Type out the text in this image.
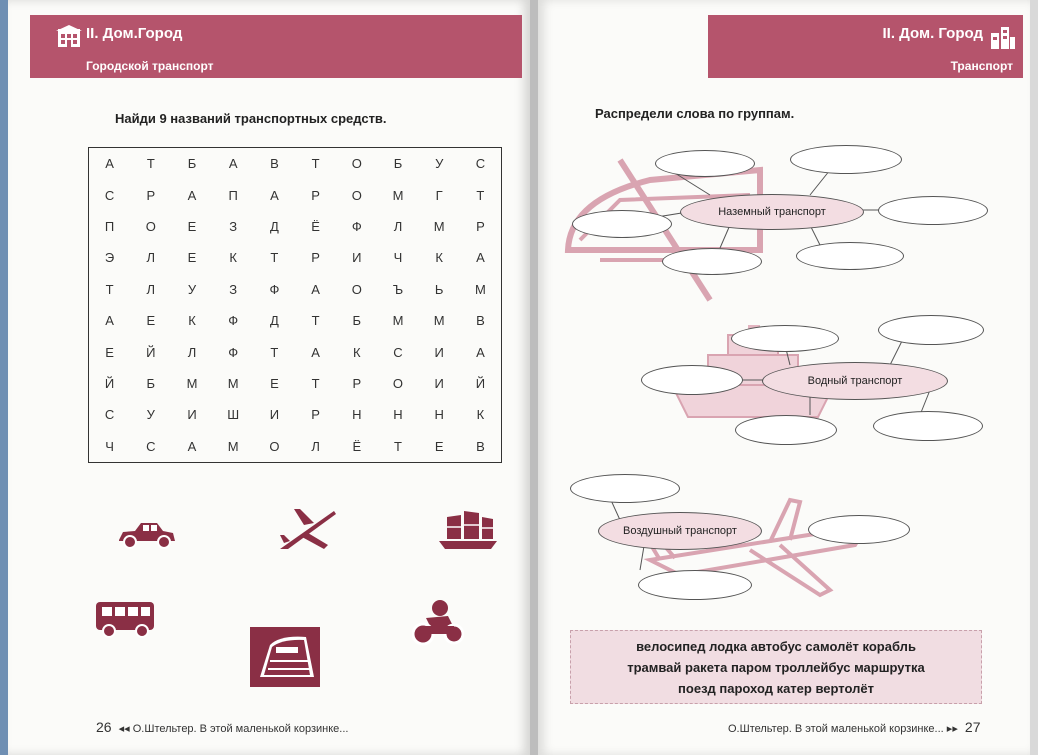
II. Дом.Город
Городской транспорт
Найди 9 названий транспортных средств.
А	Т	Б	А	В	Т	О	Б	У	С
С	Р	А	П	А	Р	О	М	Г	Т
П	О	Е	З	Д	Ё	Ф	Л	М	Р
Э	Л	Е	К	Т	Р	И	Ч	К	А
Т	Л	У	З	Ф	А	О	Ъ	Ь	М
А	Е	К	Ф	Д	Т	Б	М	М	В
Е	Й	Л	Ф	Т	А	К	С	И	А
Й	Б	М	М	Е	Т	Р	О	И	Й
С	У	И	Ш	И	Р	Н	Н	Н	К
Ч	С	А	М	О	Л	Ё	Т	Е	В
26 ◂◂ О.Штельтер. В этой маленькой корзинке...
II. Дом. Город
Транспорт
Распредели слова по группам.
Наземный транспорт
Водный транспорт
Воздушный транспорт
велосипед лодка автобус самолёт корабль
трамвай ракета паром троллейбус маршрутка
поезд пароход катер вертолёт
О.Штельтер. В этой маленькой корзинке... ▸▸ 27
